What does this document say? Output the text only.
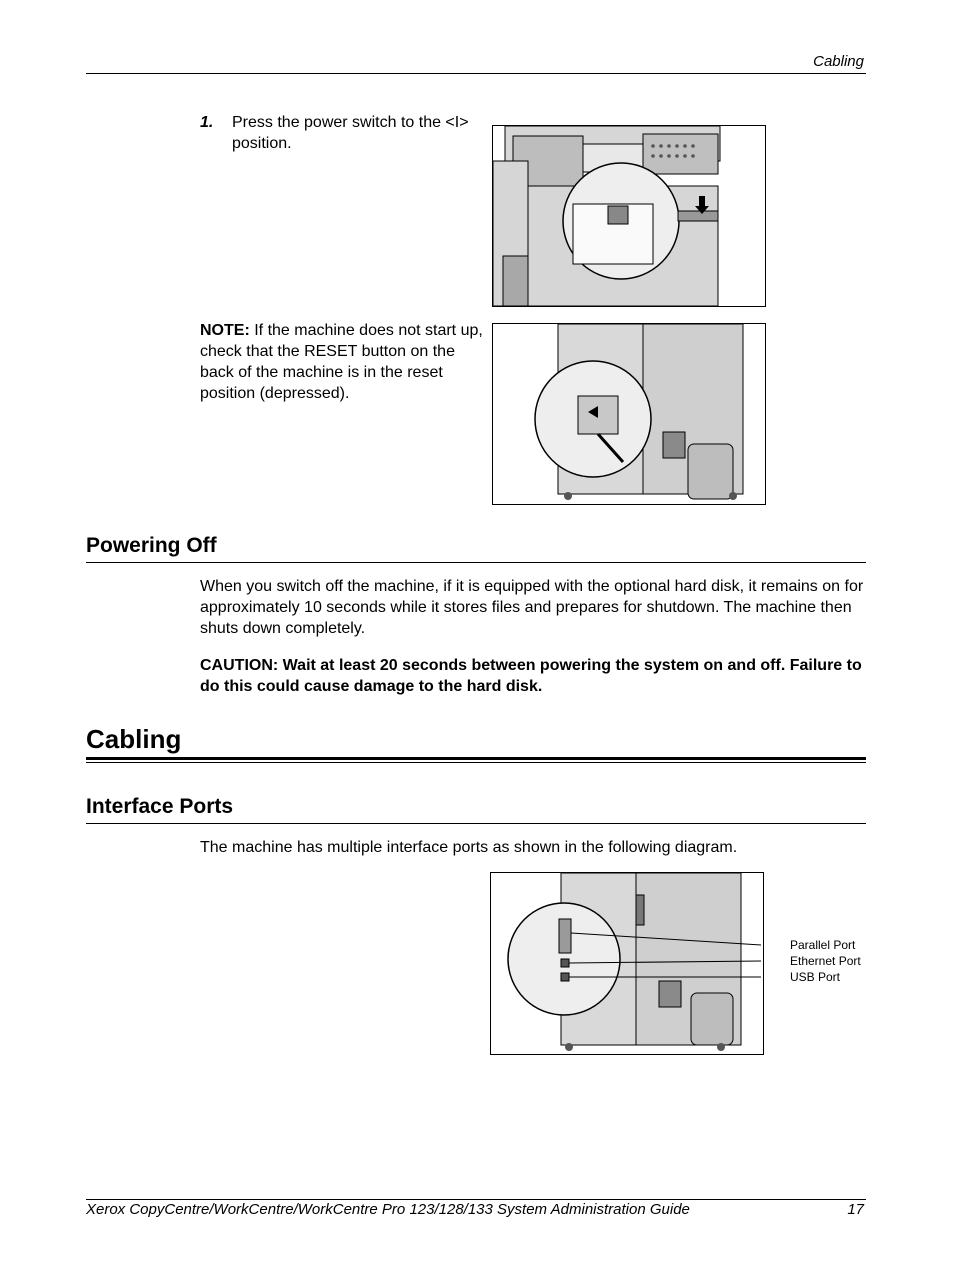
Cabling
1. Press the power switch to the <I> position.
NOTE: If the machine does not start up, check that the RESET button on the back of the machine is in the reset position (depressed).
Powering Off
When you switch off the machine, if it is equipped with the optional hard disk, it remains on for approximately 10 seconds while it stores files and prepares for shutdown. The machine then shuts down completely.
CAUTION: Wait at least 20 seconds between powering the system on and off. Failure to do this could cause damage to the hard disk.
Cabling
Interface Ports
The machine has multiple interface ports as shown in the following diagram.
Parallel Port
Ethernet Port
USB Port
Xerox CopyCentre/WorkCentre/WorkCentre Pro 123/128/133 System Administration Guide	17
